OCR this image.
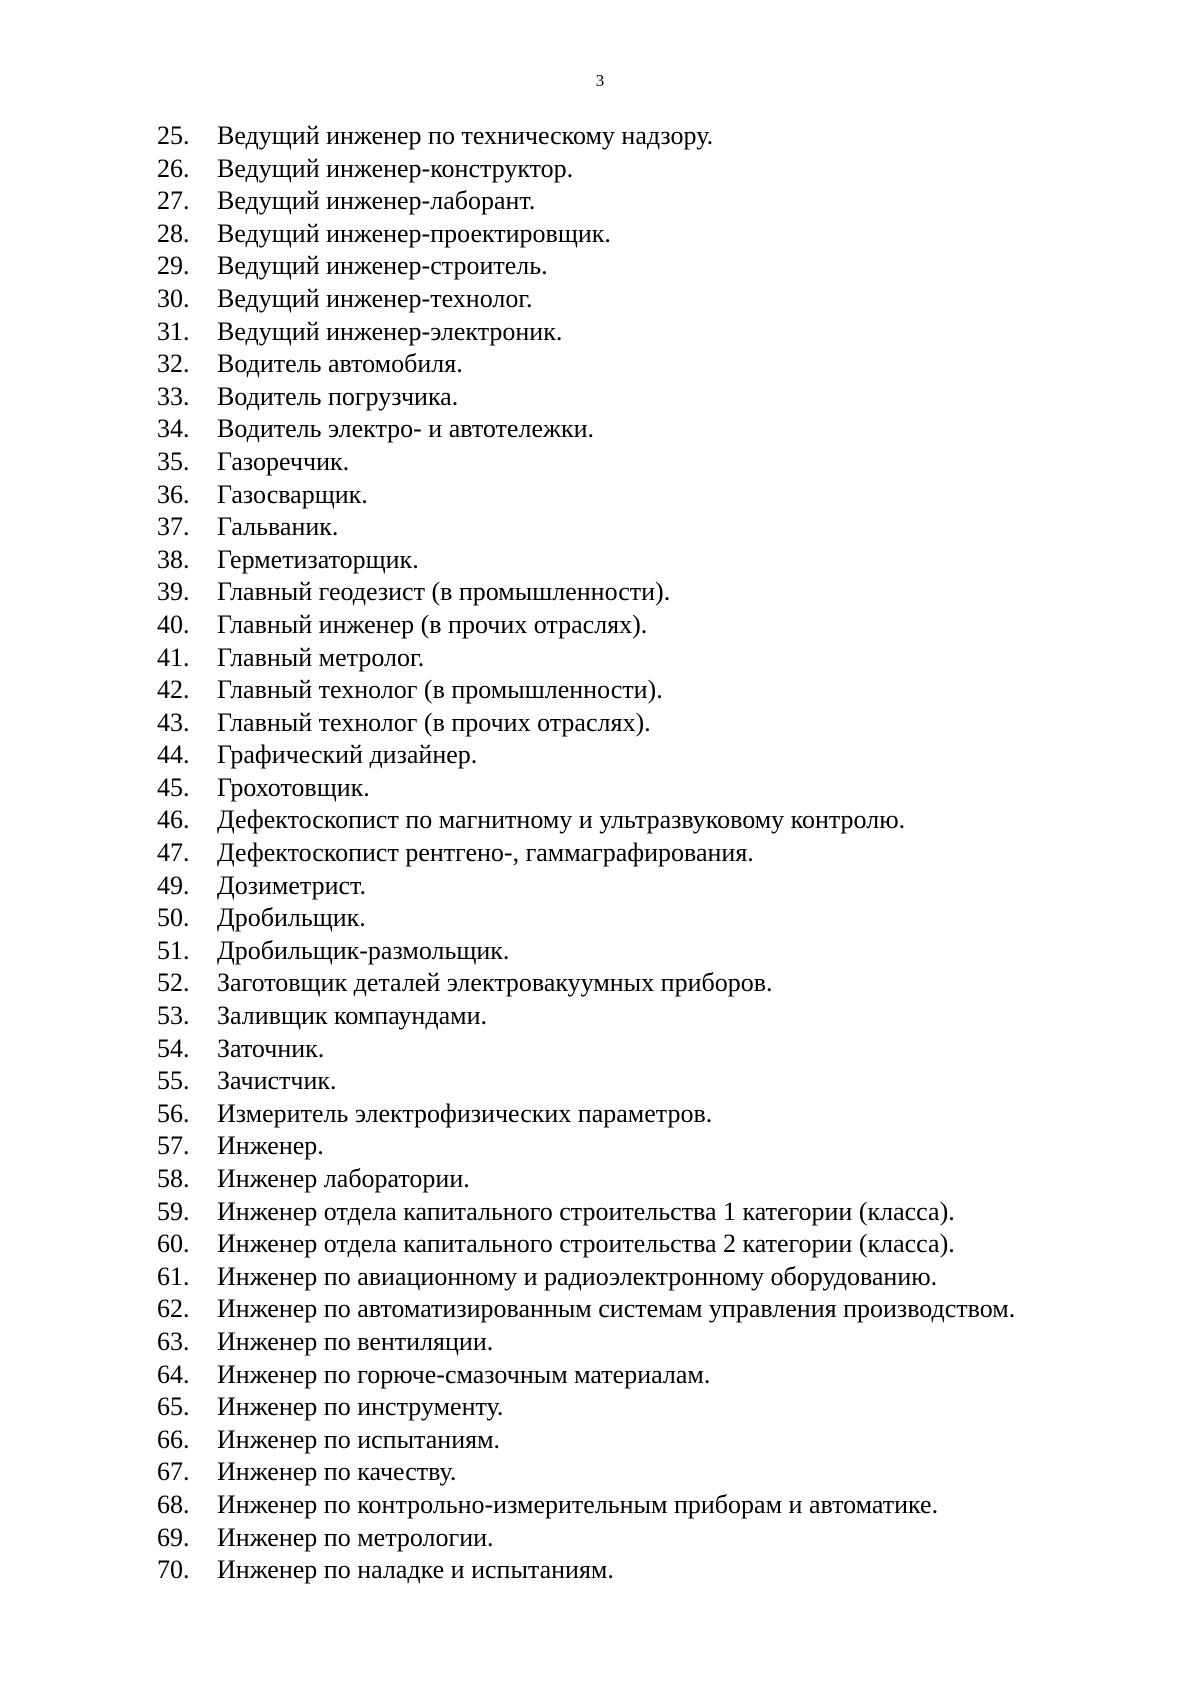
3
25.	Ведущий инженер по техническому надзору.
26.	Ведущий инженер-конструктор.
27.	Ведущий инженер-лаборант.
28.	Ведущий инженер-проектировщик.
29.	Ведущий инженер-строитель.
30.	Ведущий инженер-технолог.
31.	Ведущий инженер-электроник.
32.	Водитель автомобиля.
33.	Водитель погрузчика.
34.	Водитель электро- и автотележки.
35.	Газореччик.
36.	Газосварщик.
37.	Гальваник.
38.	Герметизаторщик.
39.	Главный геодезист (в промышленности).
40.	Главный инженер (в прочих отраслях).
41.	Главный метролог.
42.	Главный технолог (в промышленности).
43.	Главный технолог (в прочих отраслях).
44.	Графический дизайнер.
45.	Грохотовщик.
46.	Дефектоскопист по магнитному и ультразвуковому контролю.
47.	Дефектоскопист рентгено-, гаммаграфирования.
49.	Дозиметрист.
50.	Дробильщик.
51.	Дробильщик-размольщик.
52.	Заготовщик деталей электровакуумных приборов.
53.	Заливщик компаундами.
54.	Заточник.
55.	Зачистчик.
56.	Измеритель электрофизических параметров.
57.	Инженер.
58.	Инженер лаборатории.
59.	Инженер отдела капитального строительства 1 категории (класса).
60.	Инженер отдела капитального строительства 2 категории (класса).
61.	Инженер по авиационному и радиоэлектронному оборудованию.
62.	Инженер по автоматизированным системам управления производством.
63.	Инженер по вентиляции.
64.	Инженер по горюче-смазочным материалам.
65.	Инженер по инструменту.
66.	Инженер по испытаниям.
67.	Инженер по качеству.
68.	Инженер по контрольно-измерительным приборам и автоматике.
69.	Инженер по метрологии.
70.	Инженер по наладке и испытаниям.
